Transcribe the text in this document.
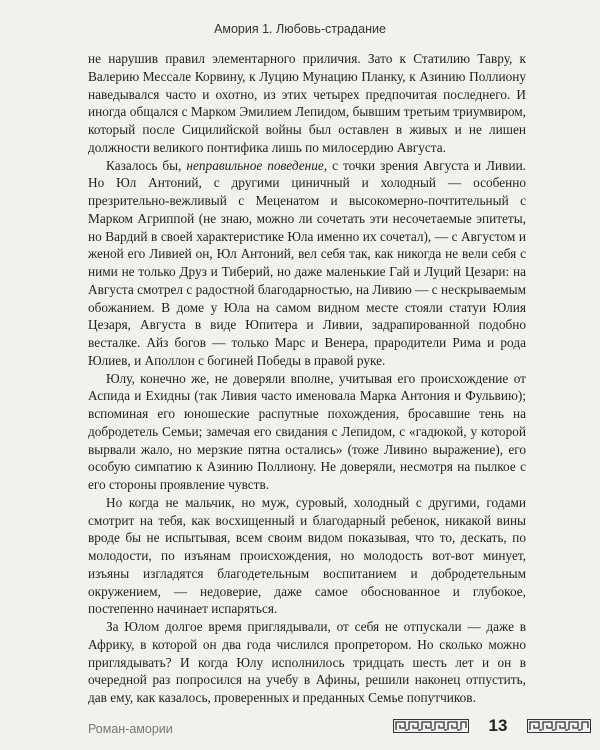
Амория 1. Любовь-страдание

не нарушив правил элементарного приличия. Зато к Статилию Тавру, к Валерию Мессале Корвину, к Луцию Мунацию Планку, к Азинию Поллиону наведывался часто и охотно, из этих четырех предпочитая последнего. И иногда общался с Марком Эмилием Лепидом, бывшим третьим триумвиром, который после Сицилийской войны был оставлен в живых и не лишен должности великого понтифика лишь по милосердию Августа.

Казалось бы, неправильное поведение, с точки зрения Августа и Ливии. Но Юл Антоний, с другими циничный и холодный — особенно презрительно-вежливый с Меценатом и высокомерно-почтительный с Марком Агриппой (не знаю, можно ли сочетать эти несочетаемые эпитеты, но Вардий в своей характеристике Юла именно их сочетал), — с Августом и женой его Ливией он, Юл Антоний, вел себя так, как никогда не вели себя с ними не только Друз и Тиберий, но даже маленькие Гай и Луций Цезари: на Августа смотрел с радостной благодарностью, на Ливию — с нескрываемым обожанием. В доме у Юла на самом видном месте стояли статуи Юлия Цезаря, Августа в виде Юпитера и Ливии, задрапированной подобно весталке. Айз богов — только Марс и Венера, прародители Рима и рода Юлиев, и Аполлон с богиней Победы в правой руке.

Юлу, конечно же, не доверяли вполне, учитывая его происхождение от Аспида и Ехидны (так Ливия часто именовала Марка Антония и Фульвию); вспоминая его юношеские распутные похождения, бросавшие тень на добродетель Семьи; замечая его свидания с Лепидом, с «гадюкой, у которой вырвали жало, но мерзкие пятна остались» (тоже Ливино выражение), его особую симпатию к Азинию Поллиону. Не доверяли, несмотря на пылкое с его стороны проявление чувств.

Но когда не мальчик, но муж, суровый, холодный с другими, годами смотрит на тебя, как восхищенный и благодарный ребенок, никакой вины вроде бы не испытывая, всем своим видом показывая, что то, дескать, по молодости, по изъянам происхождения, но молодость вот-вот минует, изъяны изгладятся благодетельным воспитанием и добродетельным окружением, — недоверие, даже самое обоснованное и глубокое, постепенно начинает испаряться.

За Юлом долгое время приглядывали, от себя не отпускали — даже в Африку, в которой он два года числился пропретором. Но сколько можно приглядывать? И когда Юлу исполнилось тридцать шесть лет и он в очередной раз попросился на учебу в Афины, решили наконец отпустить, дав ему, как казалось, проверенных и преданных Семье попутчиков.

Роман-амории	13
